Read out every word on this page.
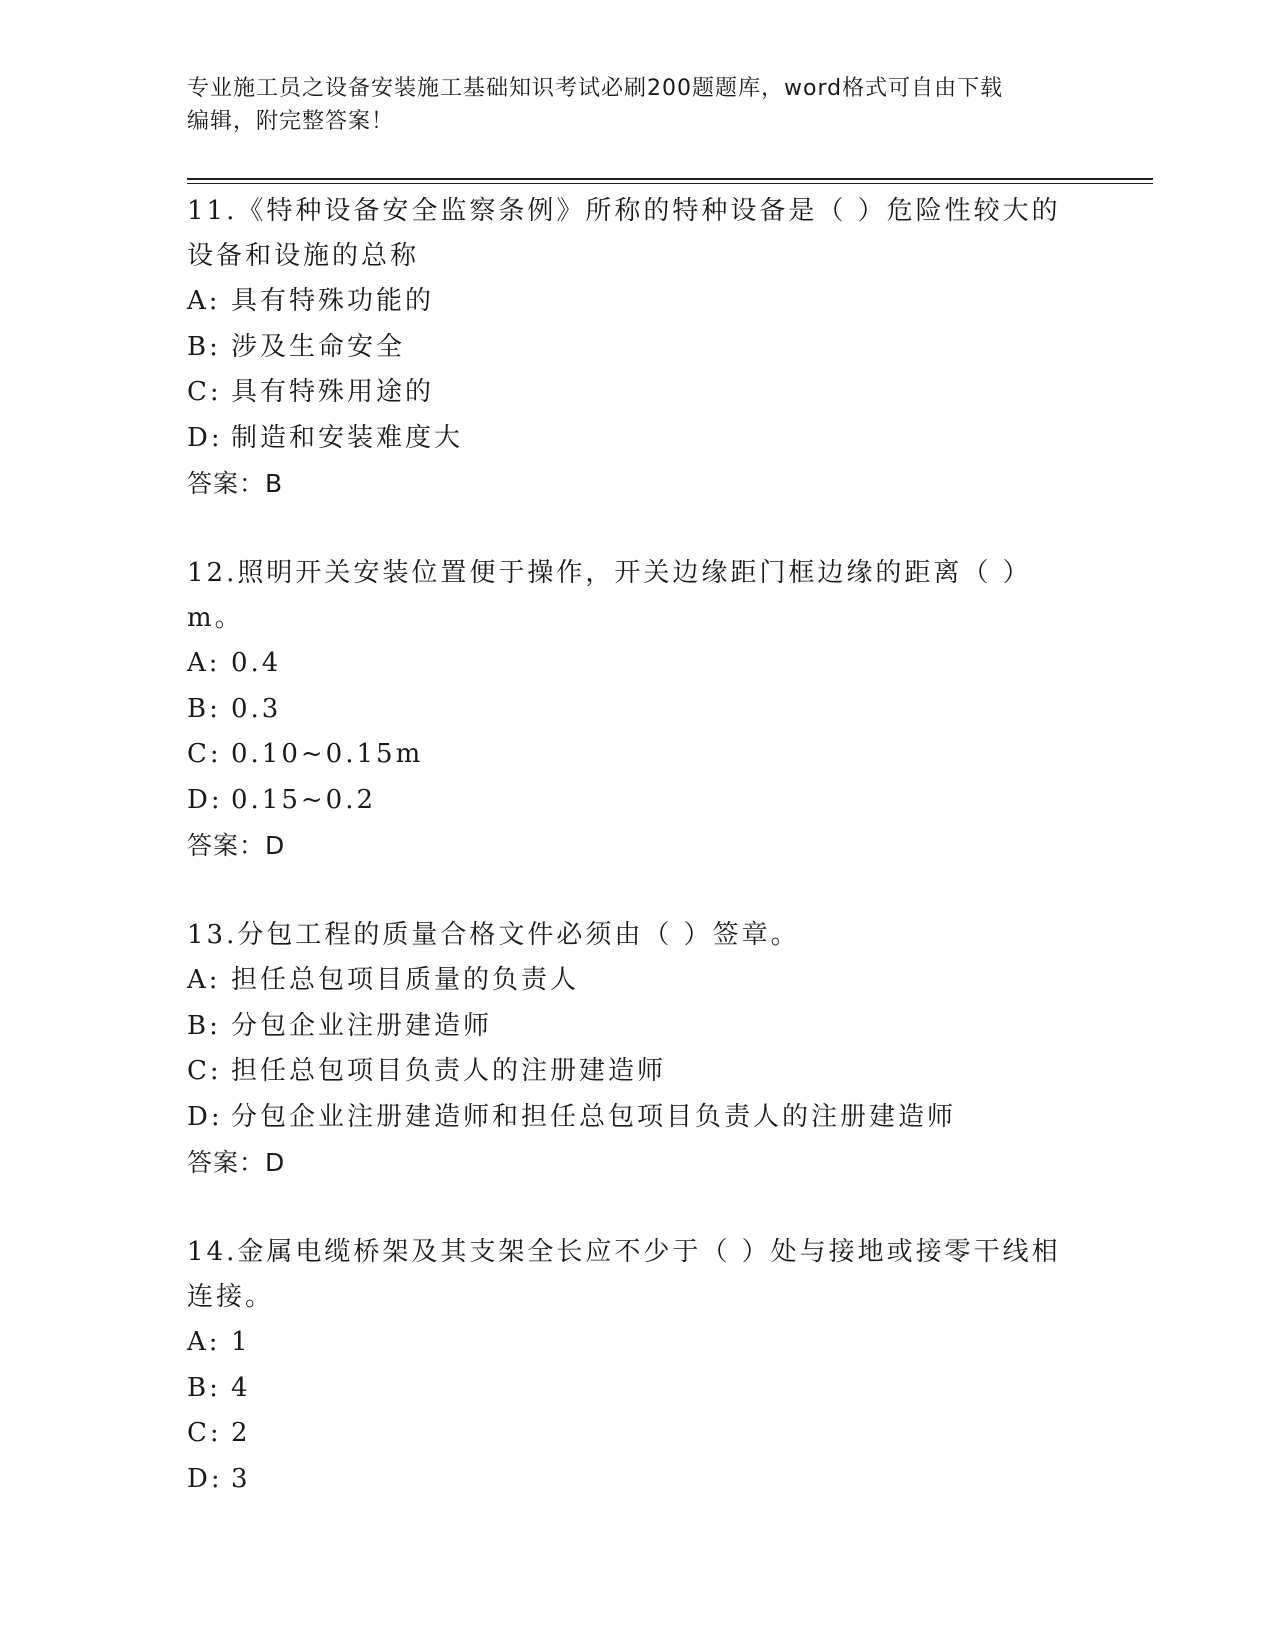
专业施工员之设备安装施工基础知识考试必刷200题题库，word格式可自由下载
编辑，附完整答案！

11.《特种设备安全监察条例》所称的特种设备是（ ）危险性较大的

设备和设施的总称

A: 具有特殊功能的

B: 涉及生命安全

C: 具有特殊用途的

D: 制造和安装难度大

答案：B

12.照明开关安装位置便于操作，开关边缘距门框边缘的距离（ ）m。

A: 0.4

B: 0.3

C: 0.10~0.15m

D: 0.15~0.2

答案：D

13.分包工程的质量合格文件必须由（ ）签章。

A: 担任总包项目质量的负责人

B: 分包企业注册建造师

C: 担任总包项目负责人的注册建造师

D: 分包企业注册建造师和担任总包项目负责人的注册建造师

答案：D

14.金属电缆桥架及其支架全长应不少于（ ）处与接地或接零干线相

连接。

A: 1

B: 4

C: 2

D: 3
